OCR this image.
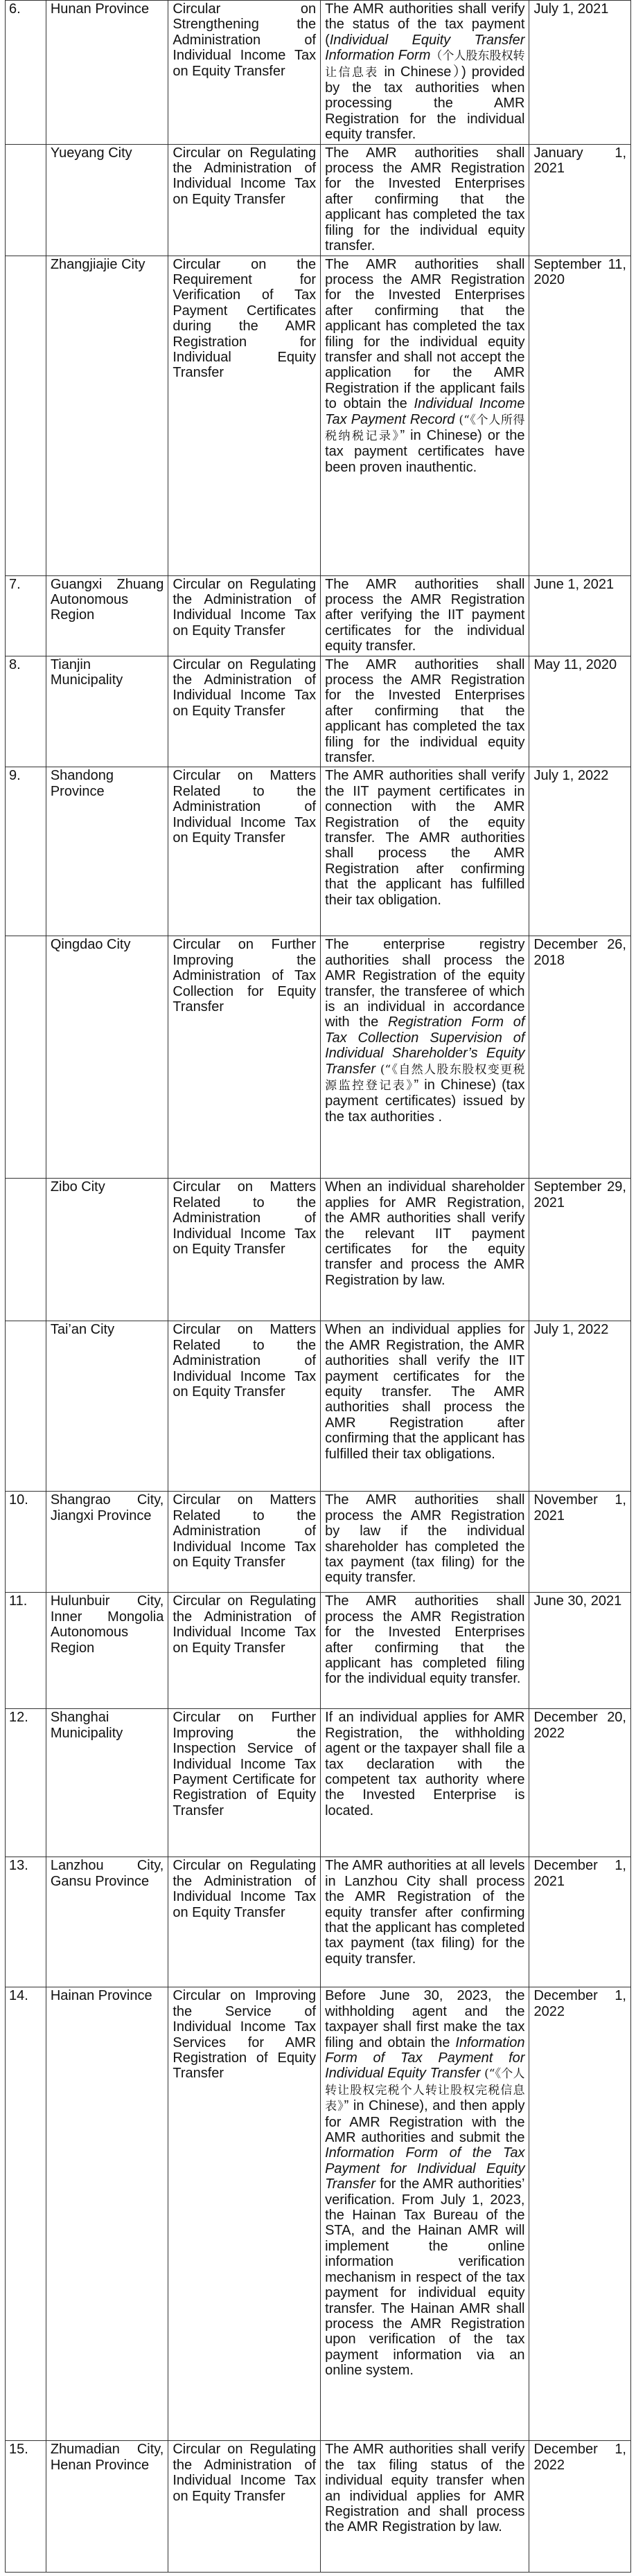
6.	Hunan Province	Circular on Strengthening the Administration of Individual Income Tax on Equity Transfer	The AMR authorities shall verify the status of the tax payment (Individual Equity Transfer Information Form（个人股东股权转让信息表 in Chinese）) provided by the tax authorities when processing the AMR Registration for the individual equity transfer.	July 1, 2021
	Yueyang City	Circular on Regulating the Administration of Individual Income Tax on Equity Transfer	The AMR authorities shall process the AMR Registration for the Invested Enterprises after confirming that the applicant has completed the tax filing for the individual equity transfer.	January 1, 2021
	Zhangjiajie City	Circular on the Requirement for Verification of Tax Payment Certificates during the AMR Registration for Individual Equity Transfer	The AMR authorities shall process the AMR Registration for the Invested Enterprises after confirming that the applicant has completed the tax filing for the individual equity transfer and shall not accept the application for the AMR Registration if the applicant fails to obtain the Individual Income Tax Payment Record (“《个人所得税纳税记录》” in Chinese) or the tax payment certificates have been proven inauthentic.	September 11, 2020
7.	Guangxi Zhuang Autonomous Region	Circular on Regulating the Administration of Individual Income Tax on Equity Transfer	The AMR authorities shall process the AMR Registration after verifying the IIT payment certificates for the individual equity transfer.	June 1, 2021
8.	Tianjin Municipality	Circular on Regulating the Administration of Individual Income Tax on Equity Transfer	The AMR authorities shall process the AMR Registration for the Invested Enterprises after confirming that the applicant has completed the tax filing for the individual equity transfer.	May 11, 2020
9.	Shandong Province	Circular on Matters Related to the Administration of Individual Income Tax on Equity Transfer	The AMR authorities shall verify the IIT payment certificates in connection with the AMR Registration of the equity transfer. The AMR authorities shall process the AMR Registration after confirming that the applicant has fulfilled their tax obligation.	July 1, 2022
	Qingdao City	Circular on Further Improving the Administration of Tax Collection for Equity Transfer	The enterprise registry authorities shall process the AMR Registration of the equity transfer, the transferee of which is an individual in accordance with the Registration Form of Tax Collection Supervision of Individual Shareholder’s Equity Transfer (“《自然人股东股权变更税源监控登记表》” in Chinese) (tax payment certificates) issued by the tax authorities .	December 26, 2018
	Zibo City	Circular on Matters Related to the Administration of Individual Income Tax on Equity Transfer	When an individual shareholder applies for AMR Registration, the AMR authorities shall verify the relevant IIT payment certificates for the equity transfer and process the AMR Registration by law.	September 29, 2021
	Tai’an City	Circular on Matters Related to the Administration of Individual Income Tax on Equity Transfer	When an individual applies for the AMR Registration, the AMR authorities shall verify the IIT payment certificates for the equity transfer. The AMR authorities shall process the AMR Registration after confirming that the applicant has fulfilled their tax obligations.	July 1, 2022
10.	Shangrao City, Jiangxi Province	Circular on Matters Related to the Administration of Individual Income Tax on Equity Transfer	The AMR authorities shall process the AMR Registration by law if the individual shareholder has completed the tax payment (tax filing) for the equity transfer.	November 1, 2021
11.	Hulunbuir City, Inner Mongolia Autonomous Region	Circular on Regulating the Administration of Individual Income Tax on Equity Transfer	The AMR authorities shall process the AMR Registration for the Invested Enterprises after confirming that the applicant has completed filing for the individual equity transfer.	June 30, 2021
12.	Shanghai Municipality	Circular on Further Improving the Inspection Service of Individual Income Tax Payment Certificate for Registration of Equity Transfer	If an individual applies for AMR Registration, the withholding agent or the taxpayer shall file a tax declaration with the competent tax authority where the Invested Enterprise is located.	December 20, 2022
13.	Lanzhou City, Gansu Province	Circular on Regulating the Administration of Individual Income Tax on Equity Transfer	The AMR authorities at all levels in Lanzhou City shall process the AMR Registration of the equity transfer after confirming that the applicant has completed tax payment (tax filing) for the equity transfer.	December 1, 2021
14.	Hainan Province	Circular on Improving the Service of Individual Income Tax Services for AMR Registration of Equity Transfer	Before June 30, 2023, the withholding agent and the taxpayer shall first make the tax filing and obtain the Information Form of Tax Payment for Individual Equity Transfer (“《个人转让股权完税个人转让股权完税信息表》” in Chinese), and then apply for AMR Registration with the AMR authorities and submit the Information Form of the Tax Payment for Individual Equity Transfer for the AMR authorities’ verification. From July 1, 2023, the Hainan Tax Bureau of the STA, and the Hainan AMR will implement the online information verification mechanism in respect of the tax payment for individual equity transfer. The Hainan AMR shall process the AMR Registration upon verification of the tax payment information via an online system.	December 1, 2022
15.	Zhumadian City, Henan Province	Circular on Regulating the Administration of Individual Income Tax on Equity Transfer	The AMR authorities shall verify the tax filing status of the individual equity transfer when an individual applies for AMR Registration and shall process the AMR Registration by law.	December 1, 2022
